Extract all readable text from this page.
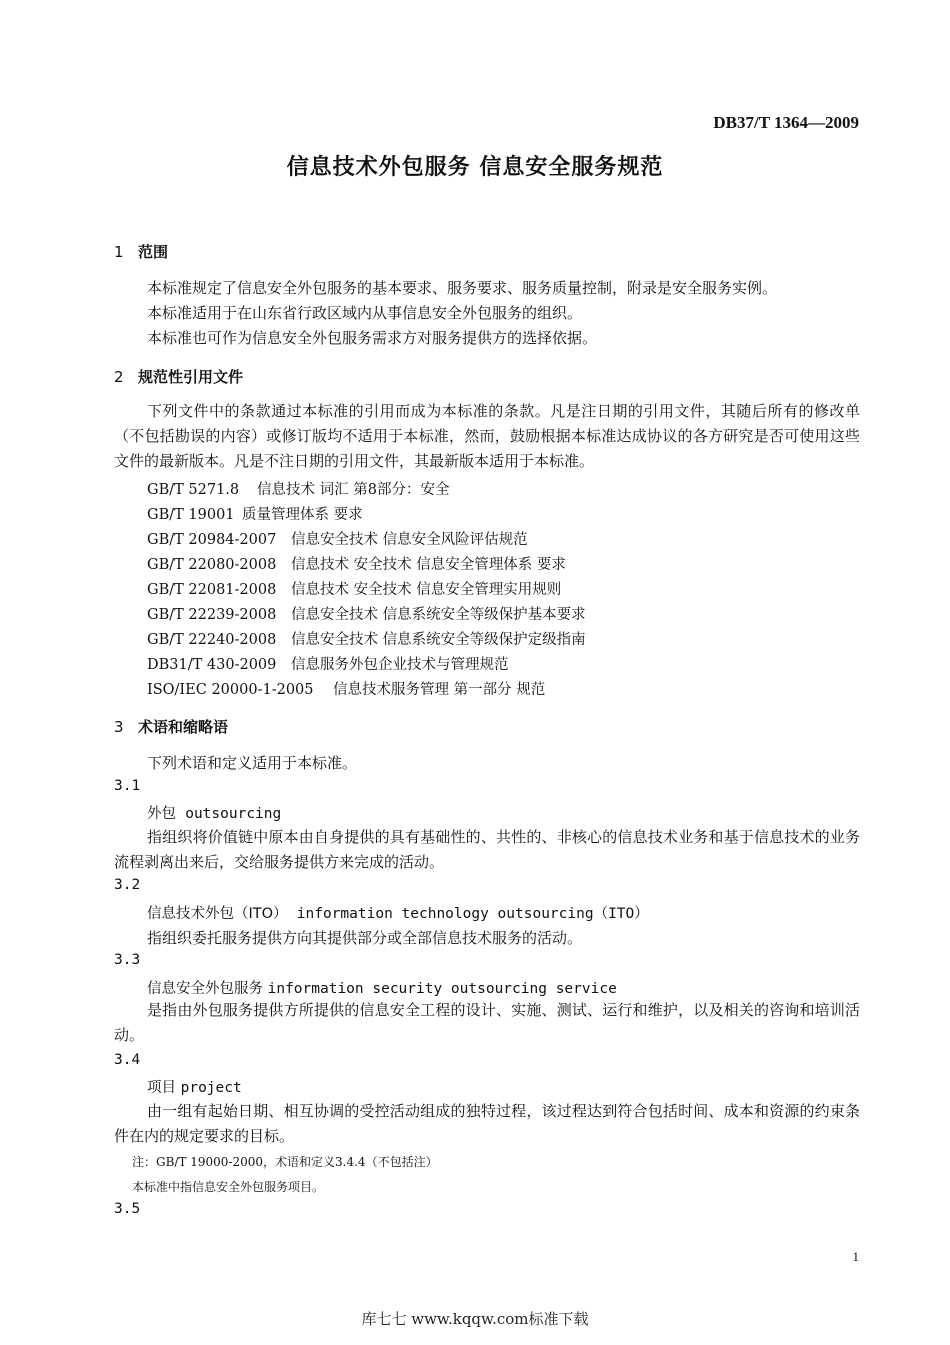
DB37/T 1364—2009
信息技术外包服务 信息安全服务规范
1 范围
本标准规定了信息安全外包服务的基本要求、服务要求、服务质量控制，附录是安全服务实例。
本标准适用于在山东省行政区域内从事信息安全外包服务的组织。
本标准也可作为信息安全外包服务需求方对服务提供方的选择依据。
2 规范性引用文件
下列文件中的条款通过本标准的引用而成为本标准的条款。凡是注日期的引用文件，其随后所有的修改单（不包括勘误的内容）或修订版均不适用于本标准，然而，鼓励根据本标准达成协议的各方研究是否可使用这些文件的最新版本。凡是不注日期的引用文件，其最新版本适用于本标准。
GB/T 5271.8 信息技术 词汇 第8部分：安全
GB/T 19001 质量管理体系 要求
GB/T 20984-2007 信息安全技术 信息安全风险评估规范
GB/T 22080-2008 信息技术 安全技术 信息安全管理体系 要求
GB/T 22081-2008 信息技术 安全技术 信息安全管理实用规则
GB/T 22239-2008 信息安全技术 信息系统安全等级保护基本要求
GB/T 22240-2008 信息安全技术 信息系统安全等级保护定级指南
DB31/T 430-2009 信息服务外包企业技术与管理规范
ISO/IEC 20000-1-2005 信息技术服务管理 第一部分 规范
3 术语和缩略语
下列术语和定义适用于本标准。
3.1
外包 outsourcing
指组织将价值链中原本由自身提供的具有基础性的、共性的、非核心的信息技术业务和基于信息技术的业务流程剥离出来后，交给服务提供方来完成的活动。
3.2
信息技术外包（ITO） information technology outsourcing（ITO）
指组织委托服务提供方向其提供部分或全部信息技术服务的活动。
3.3
信息安全外包服务 information security outsourcing service
是指由外包服务提供方所提供的信息安全工程的设计、实施、测试、运行和维护，以及相关的咨询和培训活动。
3.4
项目 project
由一组有起始日期、相互协调的受控活动组成的独特过程，该过程达到符合包括时间、成本和资源的约束条件在内的规定要求的目标。
注：GB/T 19000-2000，术语和定义3.4.4（不包括注）
本标准中指信息安全外包服务项目。
3.5
1
库七七 www.kqqw.com标准下载
